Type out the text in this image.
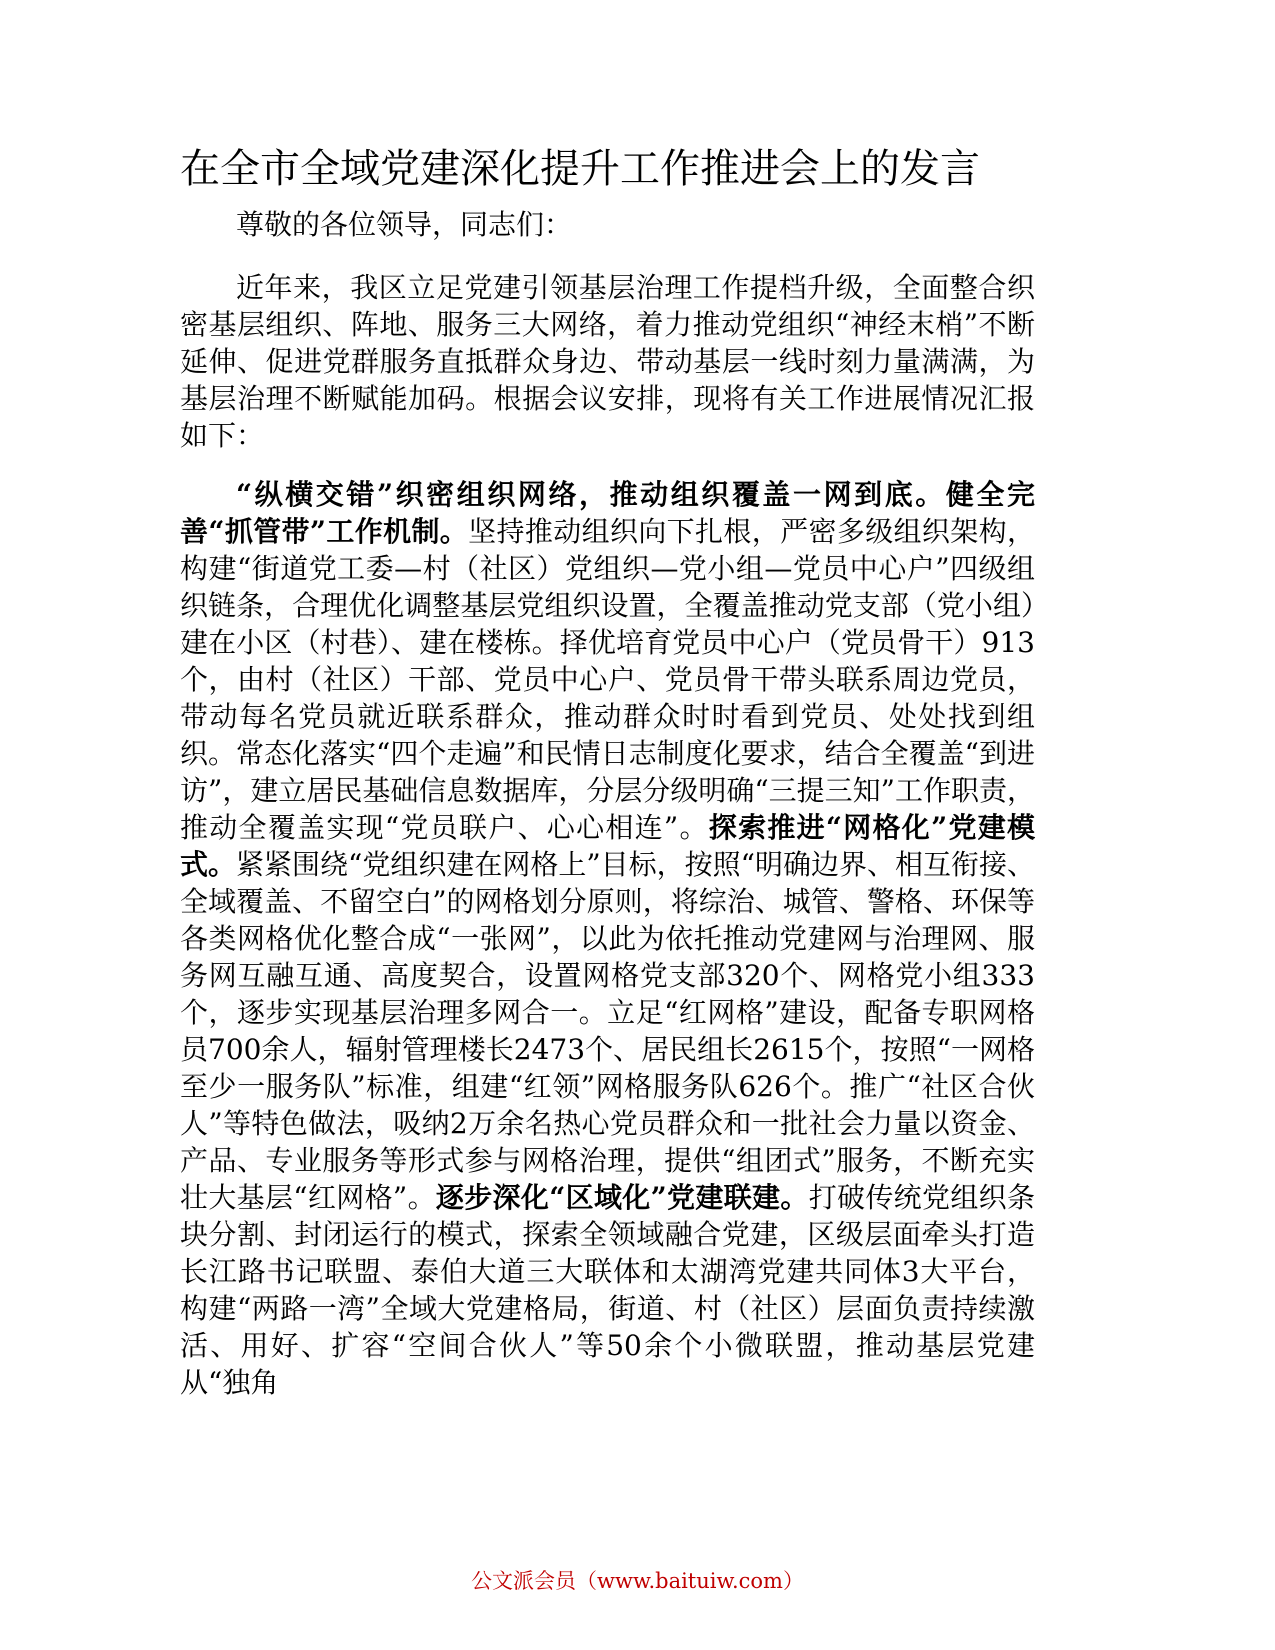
在全市全域党建深化提升工作推进会上的发言

尊敬的各位领导，同志们：

近年来，我区立足党建引领基层治理工作提档升级，全面整合织密基层组织、阵地、服务三大网络，着力推动党组织“神经末梢”不断延伸、促进党群服务直抵群众身边、带动基层一线时刻力量满满，为基层治理不断赋能加码。根据会议安排，现将有关工作进展情况汇报如下：

“纵横交错”织密组织网络，推动组织覆盖一网到底。健全完善“抓管带”工作机制。坚持推动组织向下扎根，严密多级组织架构，构建“街道党工委—村（社区）党组织—党小组—党员中心户”四级组织链条，合理优化调整基层党组织设置，全覆盖推动党支部（党小组）建在小区（村巷）、建在楼栋。择优培育党员中心户（党员骨干）913个，由村（社区）干部、党员中心户、党员骨干带头联系周边党员，带动每名党员就近联系群众，推动群众时时看到党员、处处找到组织。常态化落实“四个走遍”和民情日志制度化要求，结合全覆盖“到进访”，建立居民基础信息数据库，分层分级明确“三提三知”工作职责，推动全覆盖实现“党员联户、心心相连”。探索推进“网格化”党建模式。紧紧围绕“党组织建在网格上”目标，按照“明确边界、相互衔接、全域覆盖、不留空白”的网格划分原则，将综治、城管、警格、环保等各类网格优化整合成“一张网”，以此为依托推动党建网与治理网、服务网互融互通、高度契合，设置网格党支部320个、网格党小组333个，逐步实现基层治理多网合一。立足“红网格”建设，配备专职网格员700余人，辐射管理楼长2473个、居民组长2615个，按照“一网格至少一服务队”标准，组建“红领”网格服务队626个。推广“社区合伙人”等特色做法，吸纳2万余名热心党员群众和一批社会力量以资金、产品、专业服务等形式参与网格治理，提供“组团式”服务，不断充实壮大基层“红网格”。逐步深化“区域化”党建联建。打破传统党组织条块分割、封闭运行的模式，探索全领域融合党建，区级层面牵头打造长江路书记联盟、泰伯大道三大联体和太湖湾党建共同体3大平台，构建“两路一湾”全域大党建格局，街道、村（社区）层面负责持续激活、用好、扩容“空间合伙人”等50余个小微联盟，推动基层党建从“独角

公文派会员（www.baituiw.com）
